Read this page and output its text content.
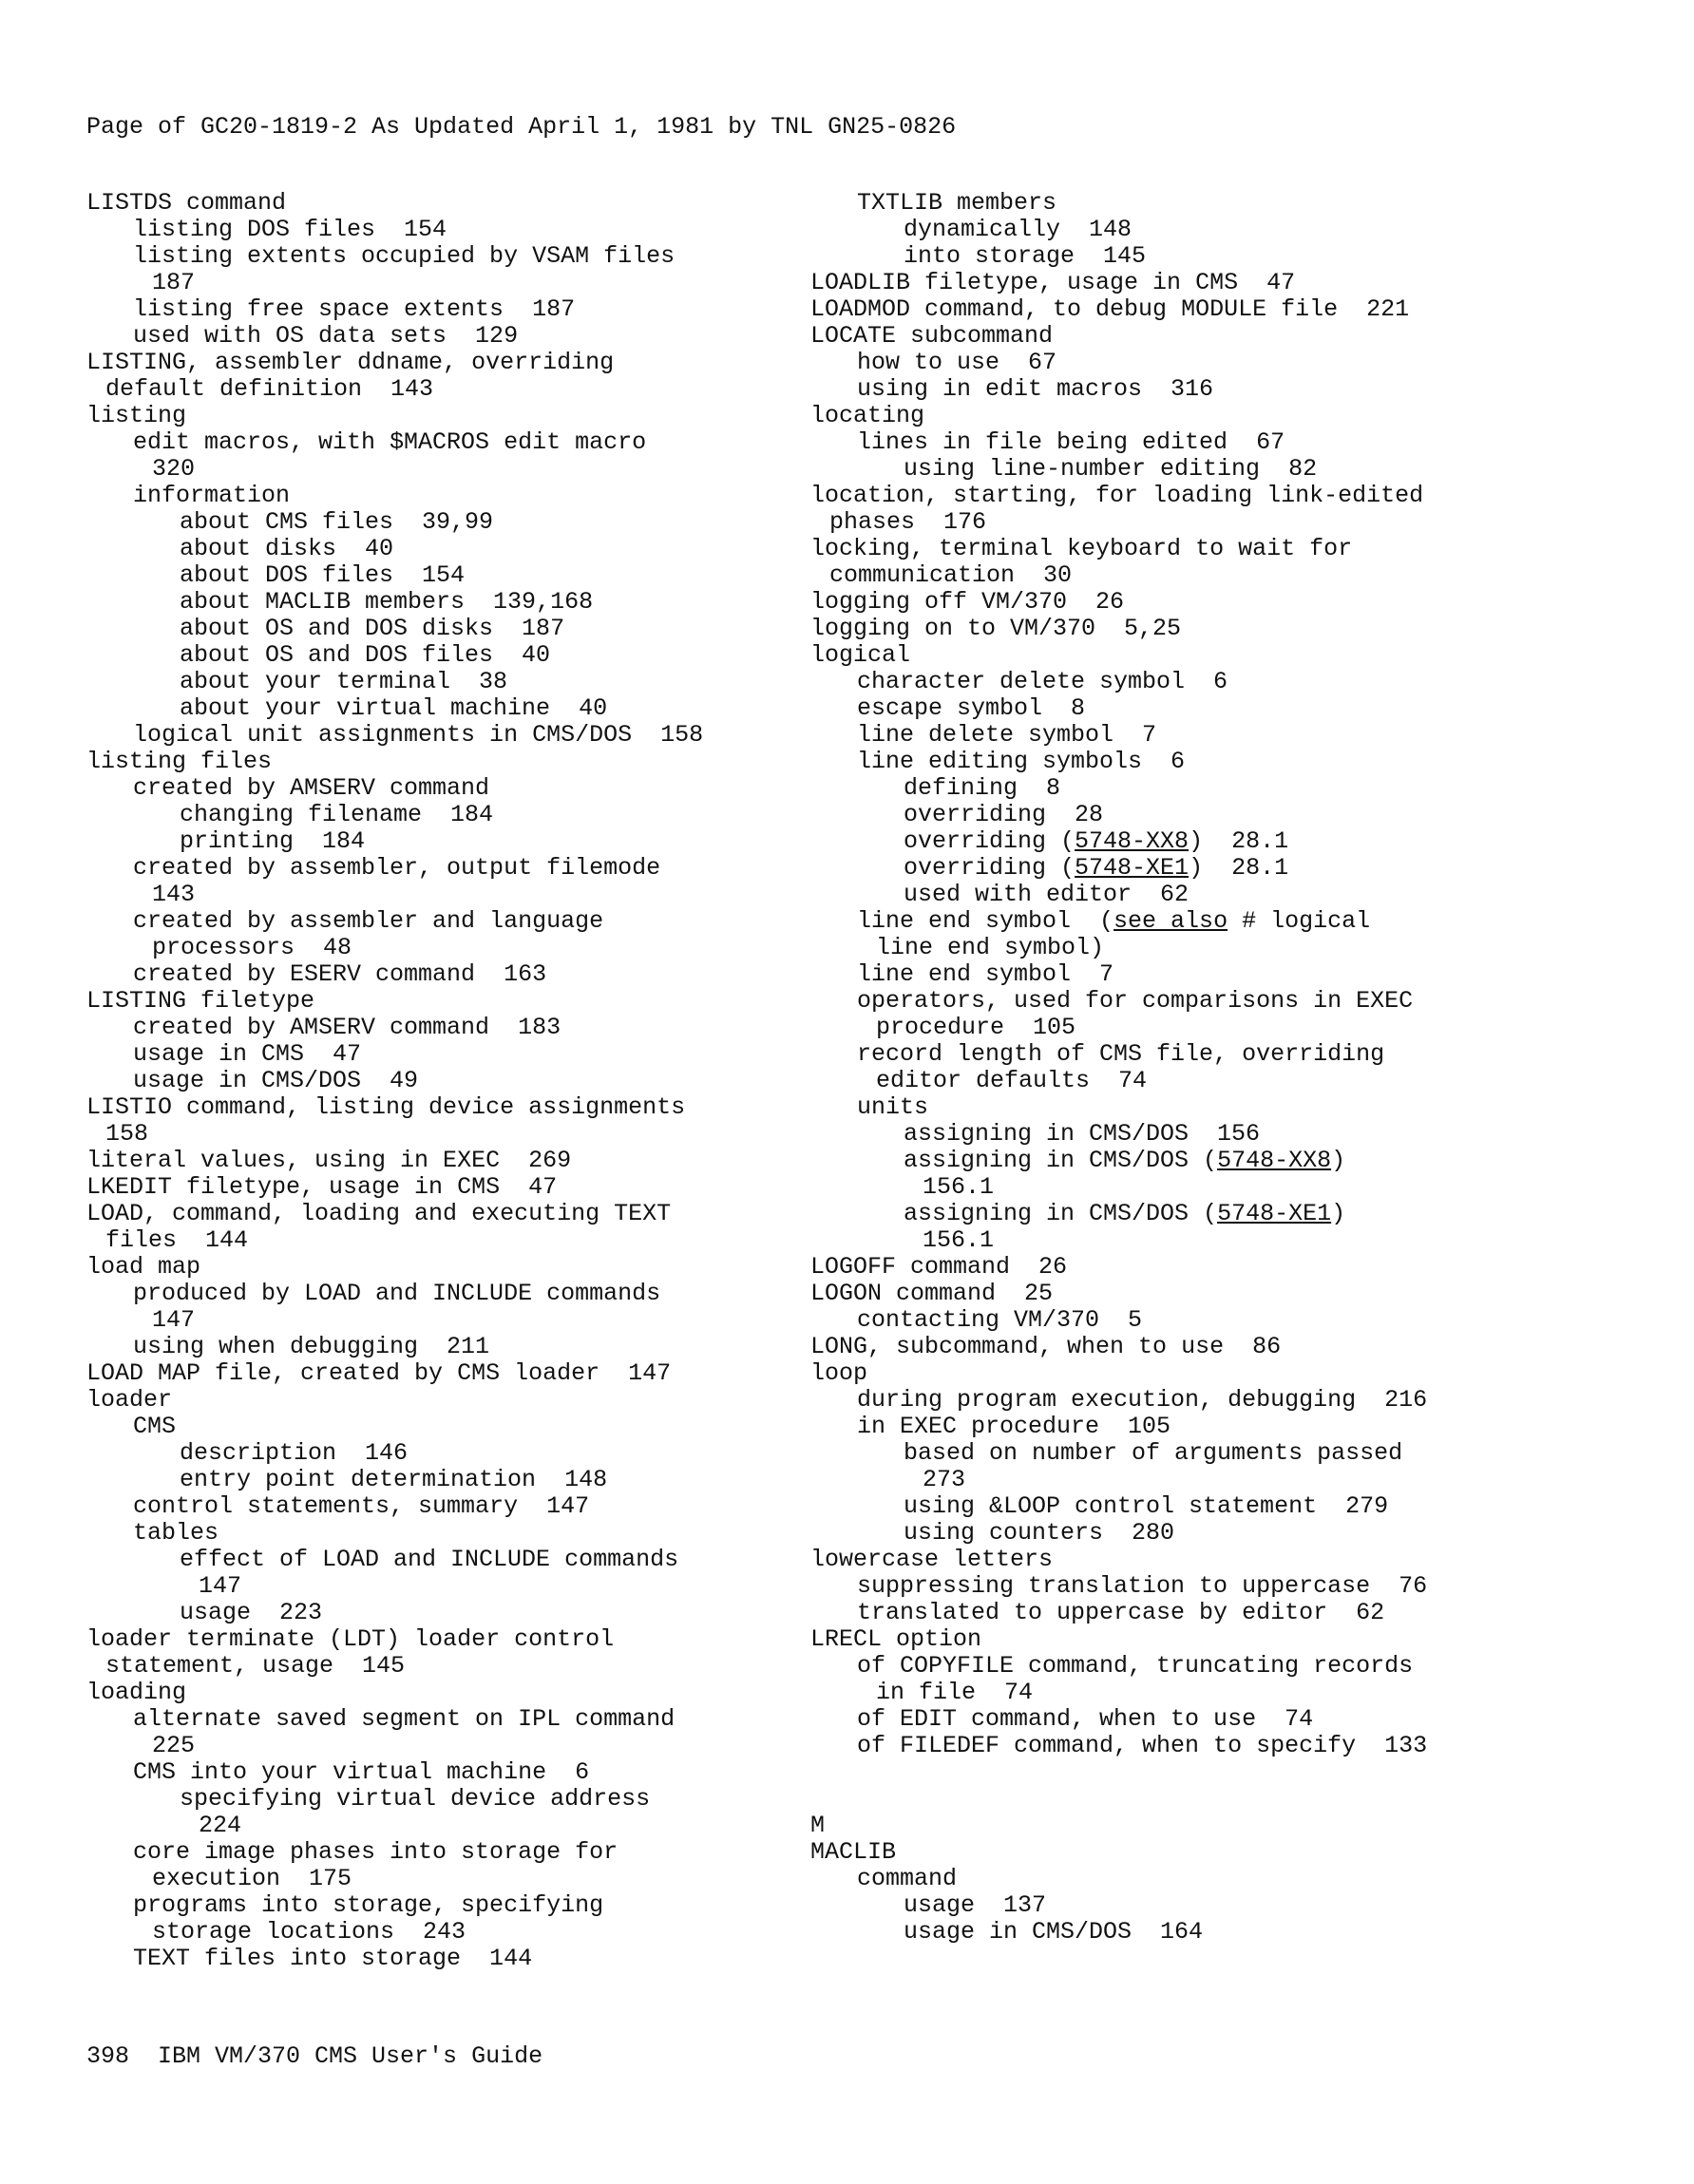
Page of GC20-1819-2 As Updated April 1, 1981 by TNL GN25-0826
LISTDS command
listing DOS files  154
listing extents occupied by VSAM files
187
listing free space extents  187
used with OS data sets  129
LISTING, assembler ddname, overriding
default definition  143
listing
edit macros, with $MACROS edit macro
320
information
about CMS files  39,99
about disks  40
about DOS files  154
about MACLIB members  139,168
about OS and DOS disks  187
about OS and DOS files  40
about your terminal  38
about your virtual machine  40
logical unit assignments in CMS/DOS  158
listing files
created by AMSERV command
changing filename  184
printing  184
created by assembler, output filemode
143
created by assembler and language
processors  48
created by ESERV command  163
LISTING filetype
created by AMSERV command  183
usage in CMS  47
usage in CMS/DOS  49
LISTIO command, listing device assignments
158
literal values, using in EXEC  269
LKEDIT filetype, usage in CMS  47
LOAD, command, loading and executing TEXT
files  144
load map
produced by LOAD and INCLUDE commands
147
using when debugging  211
LOAD MAP file, created by CMS loader  147
loader
CMS
description  146
entry point determination  148
control statements, summary  147
tables
effect of LOAD and INCLUDE commands
147
usage  223
loader terminate (LDT) loader control
statement, usage  145
loading
alternate saved segment on IPL command
225
CMS into your virtual machine  6
specifying virtual device address
224
core image phases into storage for
execution  175
programs into storage, specifying
storage locations  243
TEXT files into storage  144
TXTLIB members
dynamically  148
into storage  145
LOADLIB filetype, usage in CMS  47
LOADMOD command, to debug MODULE file  221
LOCATE subcommand
how to use  67
using in edit macros  316
locating
lines in file being edited  67
using line-number editing  82
location, starting, for loading link-edited
phases  176
locking, terminal keyboard to wait for
communication  30
logging off VM/370  26
logging on to VM/370  5,25
logical
character delete symbol  6
escape symbol  8
line delete symbol  7
line editing symbols  6
defining  8
overriding  28
overriding (5748-XX8)  28.1
overriding (5748-XE1)  28.1
used with editor  62
line end symbol  (see also # logical
line end symbol)
line end symbol  7
operators, used for comparisons in EXEC
procedure  105
record length of CMS file, overriding
editor defaults  74
units
assigning in CMS/DOS  156
assigning in CMS/DOS (5748-XX8)
156.1
assigning in CMS/DOS (5748-XE1)
156.1
LOGOFF command  26
LOGON command  25
contacting VM/370  5
LONG, subcommand, when to use  86
loop
during program execution, debugging  216
in EXEC procedure  105
based on number of arguments passed
273
using &LOOP control statement  279
using counters  280
lowercase letters
suppressing translation to uppercase  76
translated to uppercase by editor  62
LRECL option
of COPYFILE command, truncating records
in file  74
of EDIT command, when to use  74
of FILEDEF command, when to specify  133
M
MACLIB
command
usage  137
usage in CMS/DOS  164
398  IBM VM/370 CMS User's Guide
